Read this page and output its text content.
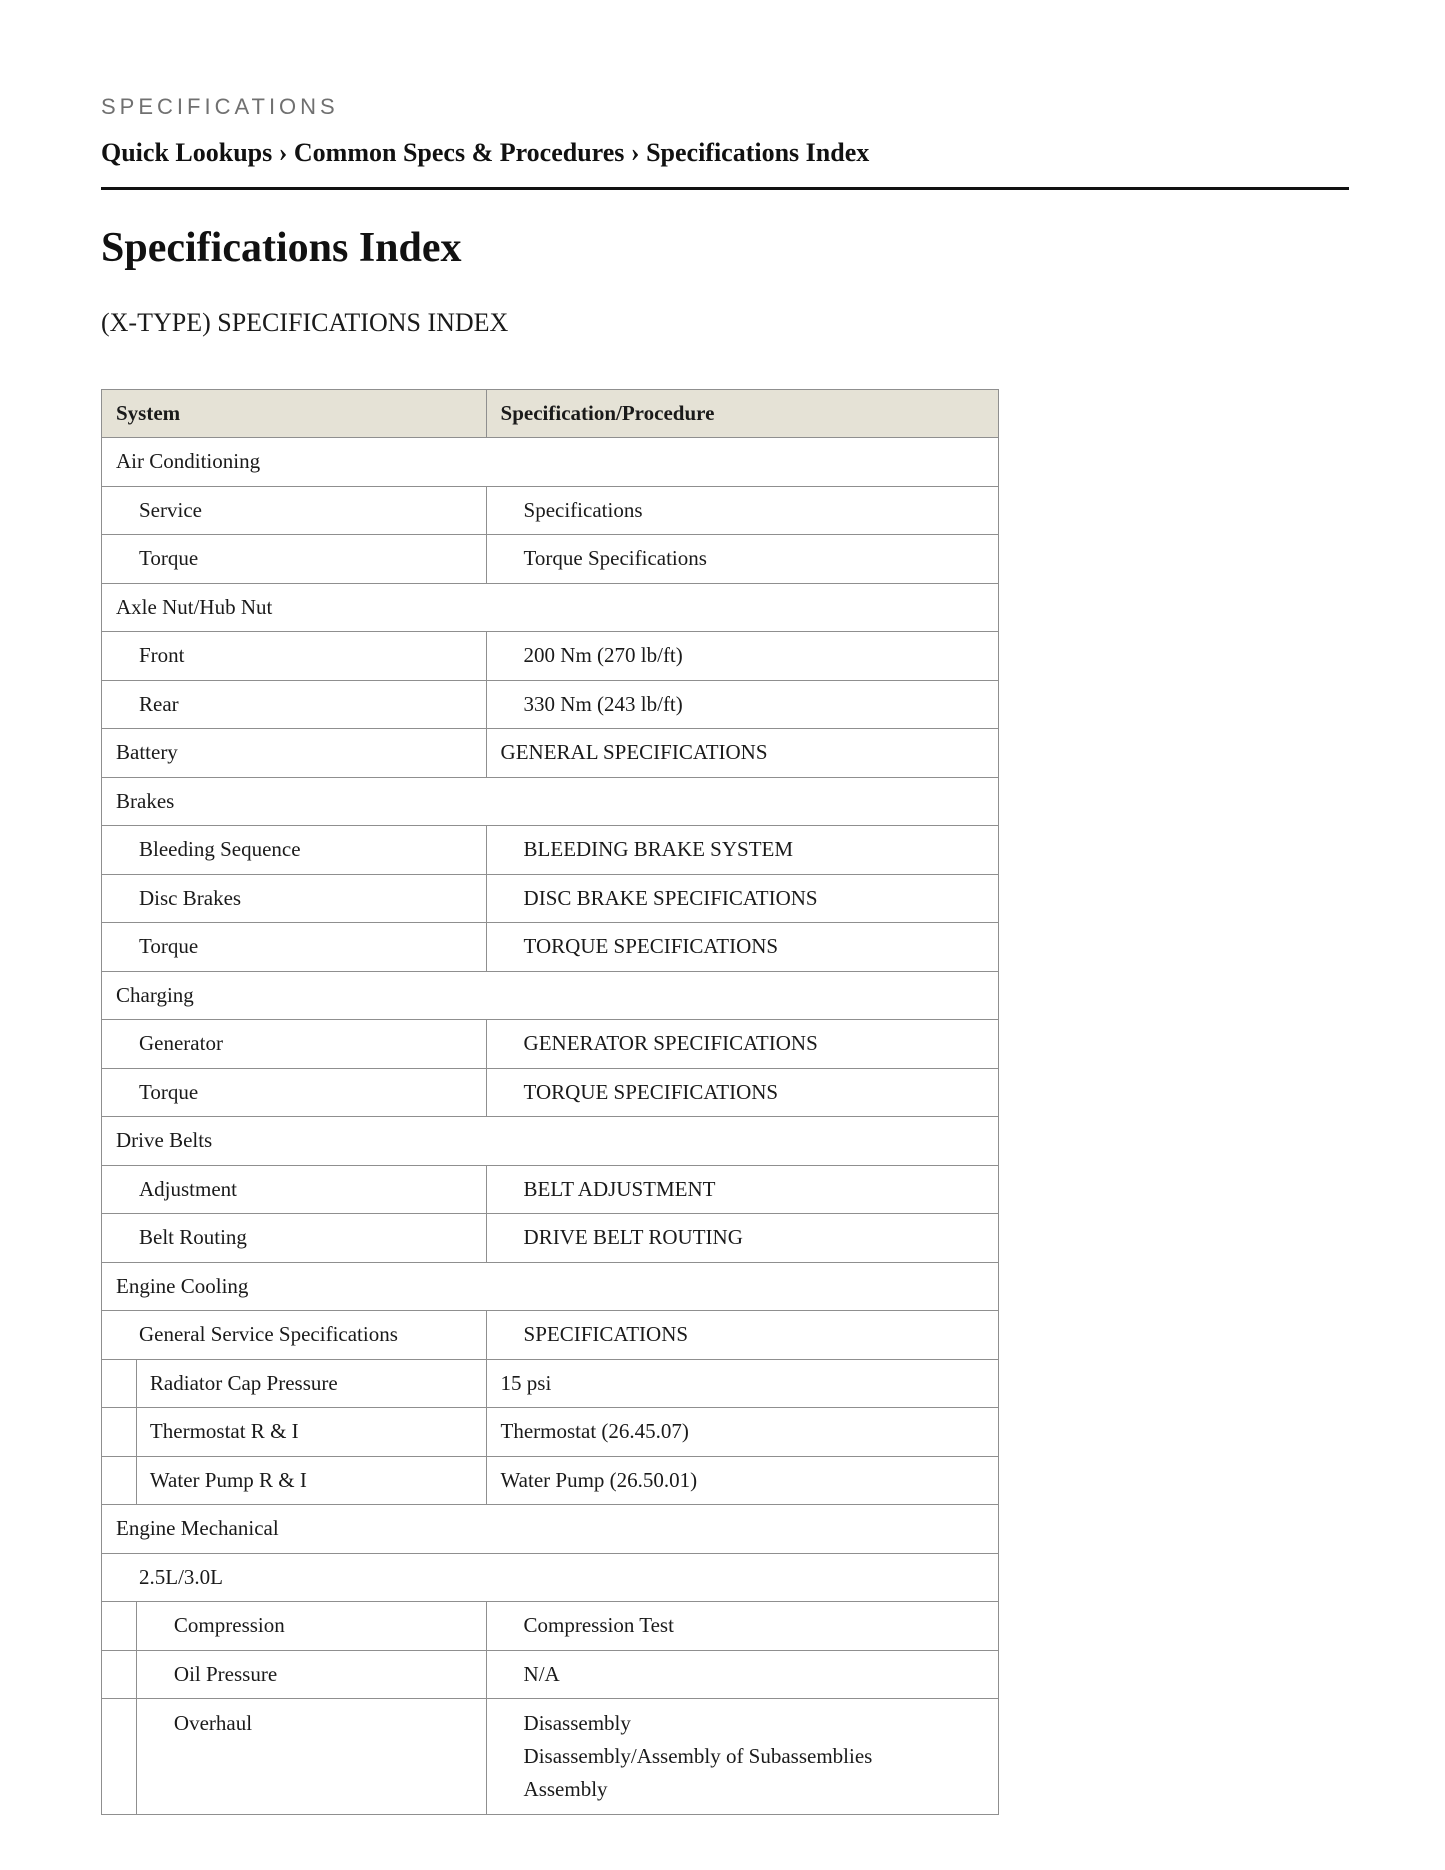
SPECIFICATIONS
Quick Lookups › Common Specs & Procedures › Specifications Index
Specifications Index
(X-TYPE) SPECIFICATIONS INDEX
System		Specification/Procedure
Air Conditioning		
Service		Specifications
Torque		Torque Specifications
Axle Nut/Hub Nut		
Front		200 Nm (270 lb/ft)
Rear		330 Nm (243 lb/ft)
Battery		GENERAL SPECIFICATIONS
Brakes		
Bleeding Sequence		BLEEDING BRAKE SYSTEM
Disc Brakes		DISC BRAKE SPECIFICATIONS
Torque		TORQUE SPECIFICATIONS
Charging		
Generator		GENERATOR SPECIFICATIONS
Torque		TORQUE SPECIFICATIONS
Drive Belts		
Adjustment		BELT ADJUSTMENT
Belt Routing		DRIVE BELT ROUTING
Engine Cooling		
General Service Specifications		SPECIFICATIONS
	Radiator Cap Pressure	15 psi
	Thermostat R & I	Thermostat (26.45.07)
	Water Pump R & I	Water Pump (26.50.01)
Engine Mechanical		
2.5L/3.0L		
	Compression	Compression Test
	Oil Pressure	N/A
	Overhaul	Disassembly
Disassembly/Assembly of Subassemblies
Assembly
